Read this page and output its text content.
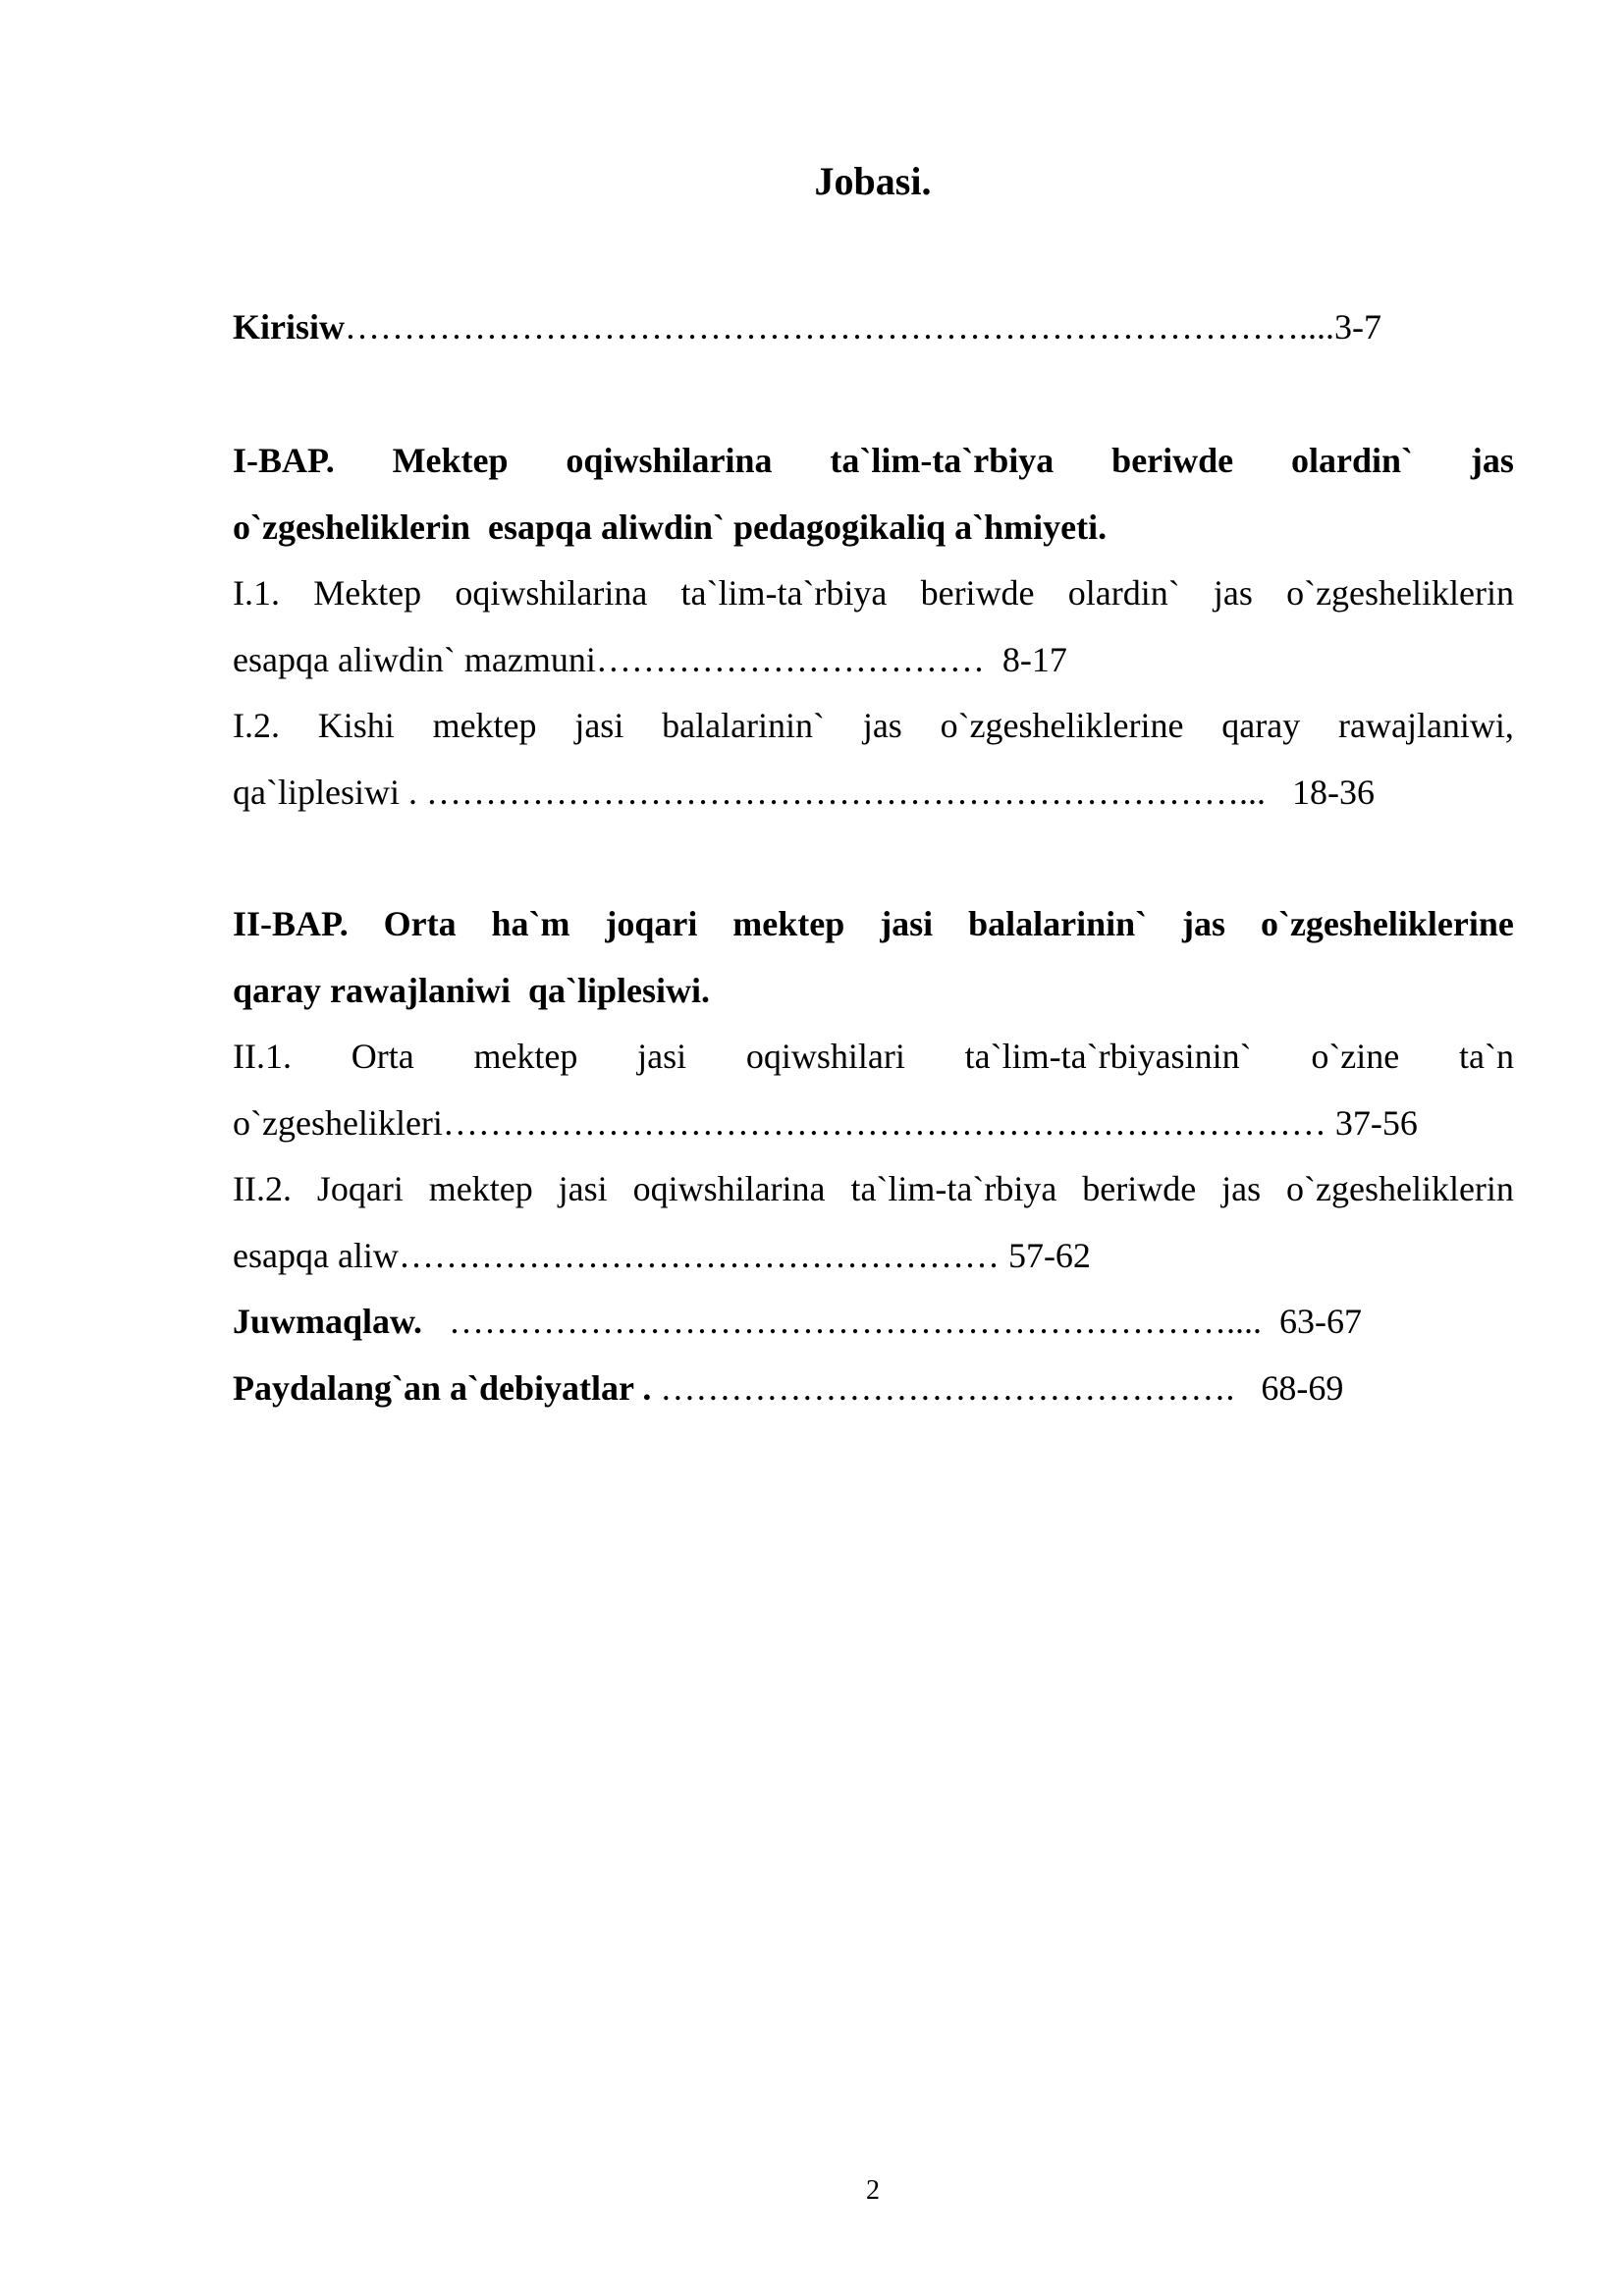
Jobasi.
Kirisiw………………………………………………………………………....3-7
I-BAP. Mektep oqiwshilarina ta`lim-ta`rbiya beriwde olardin` jas
o`zgesheliklerin  esapqa aliwdin` pedagogikaliq a`hmiyeti.
I.1. Mektep oqiwshilarina ta`lim-ta`rbiya beriwde olardin` jas o`zgesheliklerin
esapqa aliwdin` mazmuni……………………………  8-17
I.2. Kishi mektep jasi balalarinin` jas o`zgesheliklerine qaray rawajlaniwi,
qa`liplesiwi . ……………………………………………………………... 18-36
II-BAP. Orta ha`m joqari mektep jasi balalarinin` jas o`zgesheliklerine
qaray rawajlaniwi  qa`liplesiwi.
II.1. Orta mektep jasi oqiwshilari ta`lim-ta`rbiyasinin` o`zine ta`n
o`zgeshelikleri………………………………………………………………… 37-56
II.2. Joqari mektep jasi oqiwshilarina ta`lim-ta`rbiya beriwde jas o`zgesheliklerin
esapqa aliw…………………………………………… 57-62
Juwmaqlaw. ………………………………………………………….... 63-67
Paydalang`an a`debiyatlar . ………………………………………….   68-69
2
